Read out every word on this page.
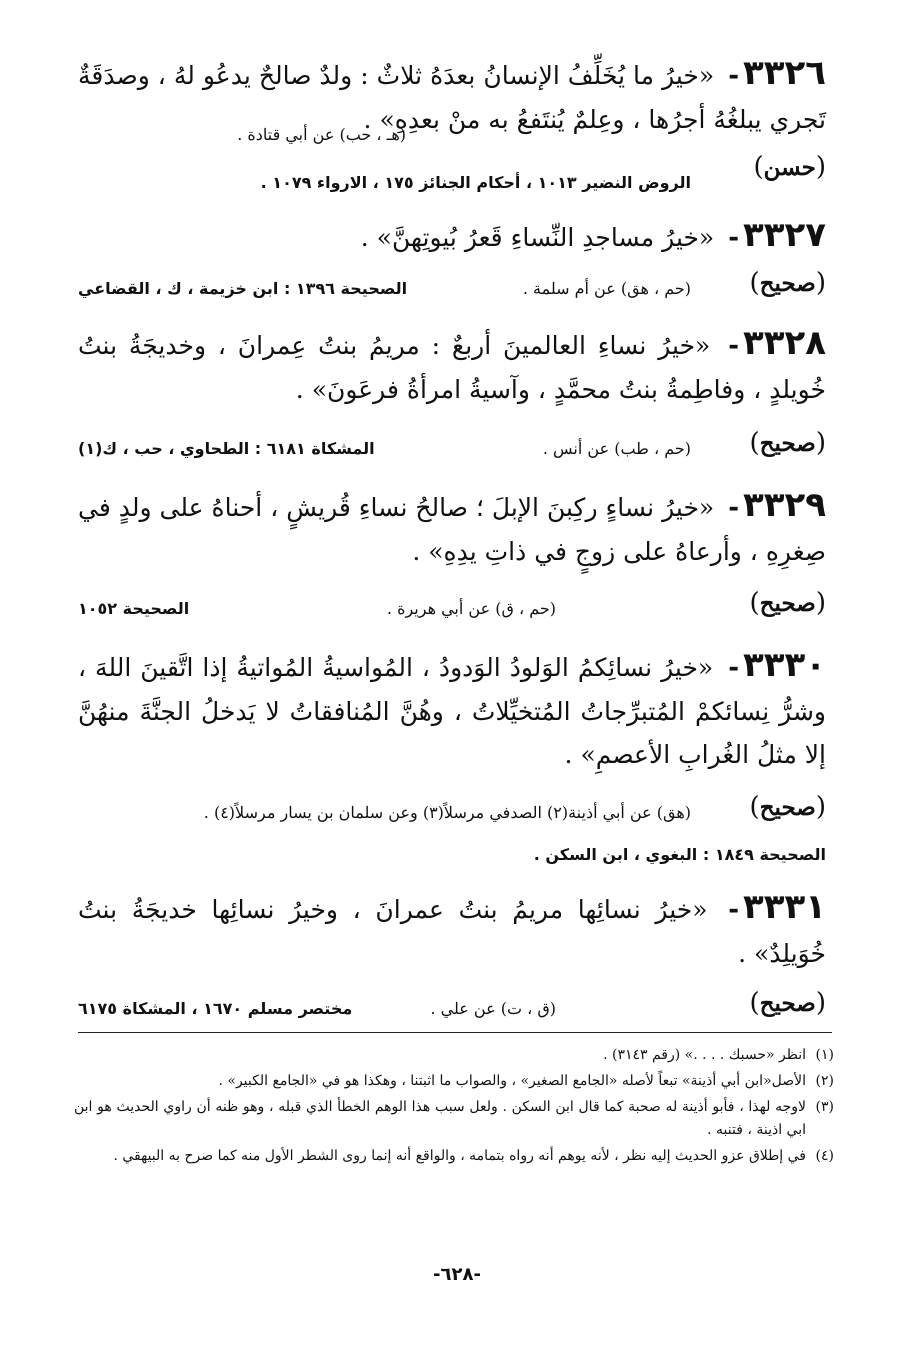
٣٣٢٦- «خيرُ ما يُخَلِّفُ الإنسانُ بعدَهُ ثلاثٌ : ولدٌ صالحٌ يدعُو لهُ ، وصدَقَةٌ تَجري يبلغُهُ أجرُها ، وعِلمٌ يُنتَفعُ به منْ بعدِهِ» .

( حسن )
(هـ ، حب) عن أبي قتادة .
الروض النضير ١٠١٣ ، أحكام الجنائز ١٧٥ ، الارواء ١٠٧٩ .

٣٣٢٧- «خيرُ مساجدِ النِّساءِ قَعرُ بُيوتِهنَّ» .

( صحيح )
(حم ، هق) عن أم سلمة .
الصحيحة ١٣٩٦ : ابن خزيمة ، ك ، القضاعي

٣٣٢٨- «خيرُ نساءِ العالمينَ أربعٌ : مريمُ بنتُ عِمرانَ ، وخديجَةُ بنتُ خُويلدٍ ، وفاطِمةُ بنتُ محمَّدٍ ، وآسيةُ امرأةُ فرعَونَ» .

( صحيح )
(حم ، طب) عن أنس .
المشكاة ٦١٨١ : الطحاوي ، حب ، ك(١)

٣٣٢٩- «خيرُ نساءٍ ركِبنَ الإبلَ ؛ صالحُ نساءِ قُريشٍ ، أحناهُ على ولدٍ في صِغرِهِ ، وأرعاهُ على زوجٍ في ذاتِ يدِهِ» .

( صحيح )
(حم ، ق) عن أبي هريرة .
الصحيحة ١٠٥٢

٣٣٣٠- «خيرُ نسائِكمُ الوَلودُ الوَدودُ ، المُواسيةُ المُواتيةُ إذا اتَّقينَ اللهَ ، وشرُّ نِسائكمْ المُتبرِّجاتُ المُتخيِّلاتُ ، وهُنَّ المُنافقاتُ لا يَدخلُ الجنَّةَ منهُنَّ إلا مثلُ الغُرابِ الأعصمِ» .

( صحيح )
(هق) عن أبي أذينة(٢) الصدفي مرسلاً(٣) وعن سلمان بن يسار مرسلاً(٤) .
الصحيحة ١٨٤٩ : البغوي ، ابن السكن .

٣٣٣١- «خيرُ نسائِها مريمُ بنتُ عمرانَ ، وخيرُ نسائِها خديجَةُ بنتُ خُوَيلِدٌ» .

( صحيح )
(ق ، ت) عن علي .
مختصر مسلم ١٦٧٠ ، المشكاة ٦١٧٥
(١)
انظر «حسبك . . . .» (رقم ٣١٤٣) .
(٢)
الأصل«ابن أبي أذينة» تبعاً لأصله «الجامع الصغير» ، والصواب ما اثبتنا ، وهكذا هو في «الجامع الكبير» .
(٣)
لاوجه لهذا ، فأبو أذينة له صحبة كما قال ابن السكن . ولعل سبب هذا الوهم الخطأ الذي قبله ، وهو ظنه أن راوي الحديث هو ابن ابي اذينة ، فتنبه .
(٤)
في إطلاق عزو الحديث إليه نظر ، لأنه يوهم أنه رواه بتمامه ، والواقع أنه إنما روى الشطر الأول منه كما صرح به البيهقي .
-٦٢٨-
